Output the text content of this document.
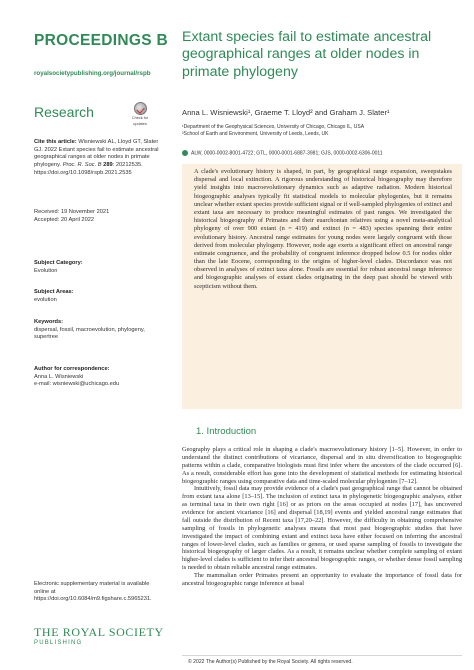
PROCEEDINGS B
royalsocietypublishing.org/journal/rspb
Research	Check for
updates
Cite this article: Wisniewski AL, Lloyd GT, Slater GJ. 2022 Extant species fail to estimate ancestral geographical ranges at older nodes in primate phylogeny. Proc. R. Soc. B 289: 20212535. https://doi.org/10.1098/rspb.2021.2535
Received: 19 November 2021
Accepted: 20 April 2022
Subject Category:
Evolution
Subject Areas:
evolution
Keywords:
dispersal, fossil, macroevolution, phylogeny, supertree
Author for correspondence:
Anna L. Wisniewski
e-mail: wisniewski@uchicago.edu
Electronic supplementary material is available online at https://doi.org/10.6084/m9.figshare.c.5965231.
THE ROYAL SOCIETY
PUBLISHING
Extant species fail to estimate ancestral geographical ranges at older nodes in primate phylogeny
Anna L. Wisniewski¹, Graeme T. Lloyd² and Graham J. Slater¹
¹Department of the Geophysical Sciences, University of Chicago, Chicago IL, USA
²School of Earth and Environment, University of Leeds, Leeds, UK
ALW, 0000-0002-8001-4722; GTL, 0000-0001-6887-3981; GJS, 0000-0002-6306-0011

A clade's evolutionary history is shaped, in part, by geographical range expansion, sweepstakes dispersal and local extinction. A rigorous understanding of historical biogeography may therefore yield insights into macroevolutionary dynamics such as adaptive radiation. Modern historical biogeographic analyses typically fit statistical models to molecular phylogenies, but it remains unclear whether extant species provide sufficient signal or if well-sampled phylogenies of extinct and extant taxa are necessary to produce meaningful estimates of past ranges. We investigated the historical biogeography of Primates and their euarchontan relatives using a novel meta-analytical phylogeny of over 900 extant (n = 419) and extinct (n = 483) species spanning their entire evolutionary history. Ancestral range estimates for young nodes were largely congruent with those derived from molecular phylogeny. However, node age exerts a significant effect on ancestral range estimate congruence, and the probability of congruent inference dropped below 0.5 for nodes older than the late Eocene, corresponding to the origins of higher-level clades. Discordance was not observed in analyses of extinct taxa alone. Fossils are essential for robust ancestral range inference and biogeographic analyses of extant clades originating in the deep past should be viewed with scepticism without them.

1. Introduction

Geography plays a critical role in shaping a clade's macroevolutionary history [1–5]. However, in order to understand the distinct contributions of vicariance, dispersal and in situ diversification to biogeographic patterns within a clade, comparative biologists must first infer where the ancestors of the clade occurred [6]. As a result, considerable effort has gone into the development of statistical methods for estimating historical biogeographic ranges using comparative data and time-scaled molecular phylogenies [7–12].

Intuitively, fossil data may provide evidence of a clade's past geographical range that cannot be obtained from extant taxa alone [13–15]. The inclusion of extinct taxa in phylogenetic biogeographic analyses, either as terminal taxa in their own right [16] or as priors on the areas occupied at nodes [17], has uncovered evidence for ancient vicariance [16] and dispersal [18,19] events and yielded ancestral range estimates that fall outside the distribution of Recent taxa [17,20–22]. However, the difficulty in obtaining comprehensive sampling of fossils in phylogenetic analyses means that most past biogeographic studies that have investigated the impact of combining extant and extinct taxa have either focused on inferring the ancestral ranges of lower-level clades, such as families or genera, or used sparse sampling of fossils to investigate the historical biogeography of larger clades. As a result, it remains unclear whether complete sampling of extant higher-level clades is sufficient to infer their ancestral biogeographic ranges, or whether dense fossil sampling is needed to obtain reliable ancestral range estimates.

The mammalian order Primates present an opportunity to evaluate the importance of fossil data for ancestral biogeographic range inference at basal

© 2022 The Author(s) Published by the Royal Society. All rights reserved.
